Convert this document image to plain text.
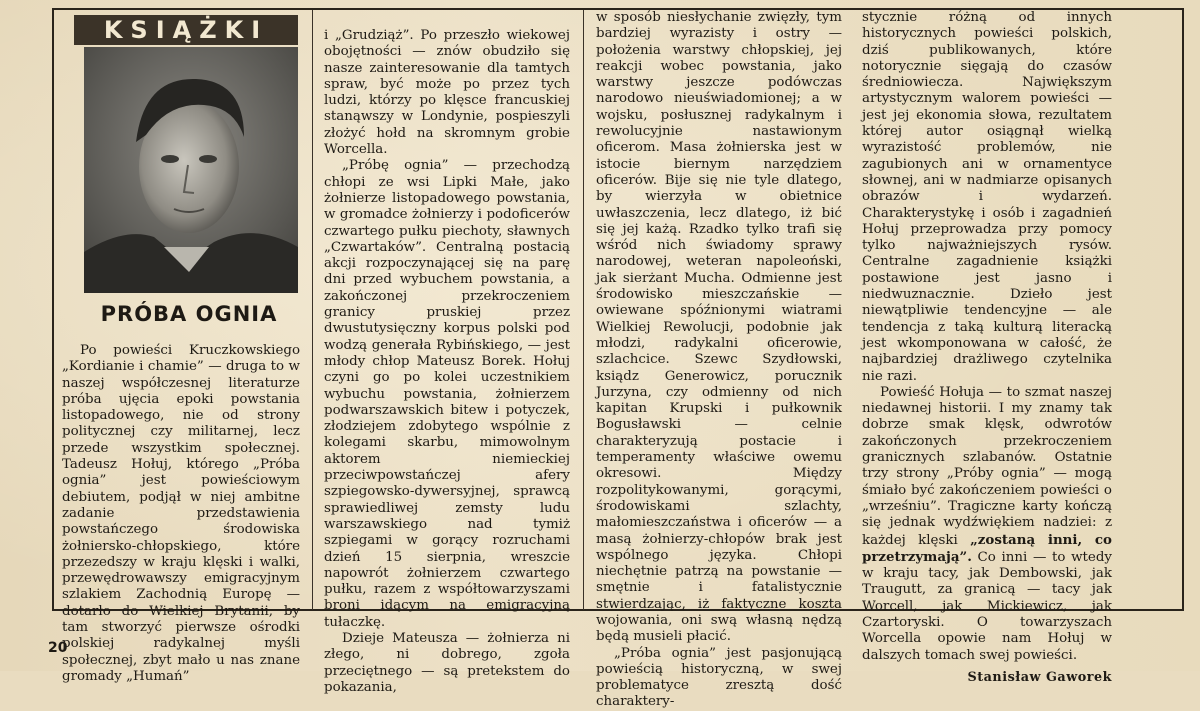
KSIĄŻKI
PRÓBA OGNIA

Po powieści Kruczkowskiego „Kordianie i chamie” — druga to w naszej współczesnej literaturze próba ujęcia epoki powstania listopadowego, nie od strony politycznej czy militarnej, lecz przede wszystkim społecznej. Tadeusz Hołuj, którego „Próba ognia” jest powieściowym debiutem, podjął w niej ambitne zadanie przedstawienia powstańczego środowiska żołniersko-chłopskiego, które przezedszy w kraju klęski i walki, przewędrowawszy emigracyjnym szlakiem Zachodnią Europę — dotarło do Wielkiej Brytanii, by tam stworzyć pierwsze ośrodki polskiej radykalnej myśli społecznej, zbyt mało u nas znane gromady „Humań”

i „Grudziąż”. Po przeszło wiekowej obojętności — znów obudziło się nasze zainteresowanie dla tamtych spraw, być może po przez tych ludzi, którzy po klęsce francuskiej stanąwszy w Londynie, pospieszyli złożyć hołd na skromnym grobie Worcella.

„Próbę ognia” — przechodzą chłopi ze wsi Lipki Małe, jako żołnierze listopadowego powstania, w gromadce żołnierzy i podoficerów czwartego pułku piechoty, sławnych „Czwartaków”. Centralną postacią akcji rozpoczynającej się na parę dni przed wybuchem powstania, a zakończonej przekroczeniem granicy pruskiej przez dwustutysięczny korpus polski pod wodzą generała Rybińskiego, — jest młody chłop Mateusz Borek. Hołuj czyni go po kolei uczestnikiem wybuchu powstania, żołnierzem podwarszawskich bitew i potyczek, złodziejem zdobytego wspólnie z kolegami skarbu, mimowolnym aktorem niemieckiej przeciwpowstańczej afery szpiegowsko-dywersyjnej, sprawcą sprawiedliwej zemsty ludu warszawskiego nad tymiż szpiegami w gorący rozruchami dzień 15 sierpnia, wreszcie napowrót żołnierzem czwartego pułku, razem z współtowarzyszami broni idącym na emigracyjną tułaczkę.

Dzieje Mateusza — żołnierza ni złego, ni dobrego, zgoła przeciętnego — są pretekstem do pokazania,

w sposób niesłychanie zwięzły, tym bardziej wyrazisty i ostry — położenia warstwy chłopskiej, jej reakcji wobec powstania, jako warstwy jeszcze podówczas narodowo nieuświadomionej; a w wojsku, posłusznej radykalnym i rewolucyjnie nastawionym oficerom. Masa żołnierska jest w istocie biernym narzędziem oficerów. Bije się nie tyle dlatego, by wierzyła w obietnice uwłaszczenia, lecz dlatego, iż bić się jej każą. Rzadko tylko trafi się wśród nich świadomy sprawy narodowej, weteran napoleoński, jak sierżant Mucha. Odmienne jest środowisko mieszczańskie — owiewane spóźnionymi wiatrami Wielkiej Rewolucji, podobnie jak młodzi, radykalni oficerowie, szlachcice. Szewc Szydłowski, ksiądz Generowicz, porucznik Jurzyna, czy odmienny od nich kapitan Krupski i pułkownik Bogusławski — celnie charakteryzują postacie i temperamenty właściwe owemu okresowi. Między rozpolitykowanymi, gorącymi, środowiskami szlachty, małomieszczaństwa i oficerów — a masą żołnierzy-chłopów brak jest wspólnego języka. Chłopi niechętnie patrzą na powstanie — smętnie i fatalistycznie stwierdzając, iż faktyczne koszta wojowania, oni swą własną nędzą będą musieli płacić.

„Próba ognia” jest pasjonującą powieścią historyczną, w swej problematyce zresztą dość charaktery-

stycznie różną od innych historycznych powieści polskich, dziś publikowanych, które notorycznie sięgają do czasów średniowiecza. Największym artystycznym walorem powieści — jest jej ekonomia słowa, rezultatem której autor osiągnął wielką wyrazistość problemów, nie zagubionych ani w ornamentyce słownej, ani w nadmiarze opisanych obrazów i wydarzeń. Charakterystykę i osób i zagadnień Hołuj przeprowadza przy pomocy tylko najważniejszych rysów. Centralne zagadnienie książki postawione jest jasno i niedwuznacznie. Dzieło jest niewątpliwie tendencyjne — ale tendencja z taką kulturą literacką jest wkomponowana w całość, że najbardziej drażliwego czytelnika nie razi.

Powieść Hołuja — to szmat naszej niedawnej historii. I my znamy tak dobrze smak klęsk, odwrotów zakończonych przekroczeniem granicznych szlabanów. Ostatnie trzy strony „Próby ognia” — mogą śmiało być zakończeniem powieści o „wrześniu”. Tragiczne karty kończą się jednak wydźwiękiem nadziei: z każdej klęski „zostaną inni, co przetrzymają”. Co inni — to wtedy w kraju tacy, jak Dembowski, jak Traugutt, za granicą — tacy jak Worcell, jak Mickiewicz, jak Czartoryski. O towarzyszach Worcella opowie nam Hołuj w dalszych tomach swej powieści.

Stanisław Gaworek
20
